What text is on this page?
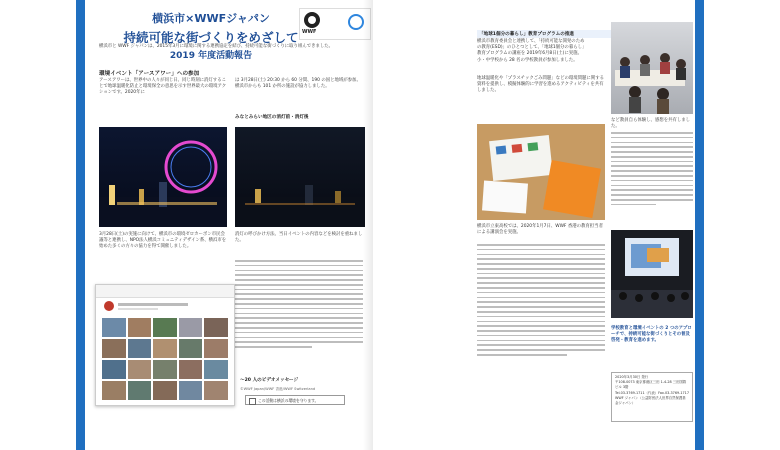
横浜市×WWFジャパン
持続可能な街づくりをめざして
2019 年度活動報告
WWF
横浜市と WWF ジャパンは、2015年3月に環境に関する連携協定を結び、持続可能な街づくりに取り組んできました。
環境イベント「アースアワー」への参加
アースアワーは、世界中の人々が同じ日、同じ時刻に消灯することで地球温暖化防止と環境保全の意思を示す世界最大の環境アクションです。2020年に
は 3月28日(土) 20:30 から 60 分間、190 の国と地域が参加。横浜市からも 101 か所の施設が協力しました。
みなとみらい地区の消灯前・消灯後
3月28日(土)の実施に向けて、横浜市の環境ゼロカーボン市民会議等と連携し、NPO法人横浜コミュニティデザイン系、横浜市を始めた多くの方々の協力を得て開催しました。
消灯の呼びかけ方法、当日イベントの内容などを検討を重ねました。
〜20 人のビデオメッセージ
©WWF Japan/WWF 香港/WWF Switzerland
この活動は横浜の環境を守ります。
「地球1個分の暮らし」教育プログラムの推進
横浜市教育委員会と連携して、「持続可能な開発のための教育(ESD)」のひとつとして、「地球1個分の暮らし」教育プログラムの講座を 2019年6月8日(土)に実施。小・中学校から 28 名の学校教員が参加しました。
地球温暖化や「プラスチックごみ問題」などの環境問題に関する資料を提供し、模擬体験的に学習を進めるアクティビティを共有しました。
など教員自ら体験し、感想を共有しました。
横浜市立東高校では、2020年1月7日、WWF 香港の教育担当者による講演会を実施。
学校教育と環境イベントの 2 つのアプローチで、持続可能な街づくりとその普及啓発・教育を進めます。
2020年3月30日 発行
〒108-0073 東京都港区三田 1-4-28 三田国際ビル 3階
Tel.03-3769-1711（代表）Fax.03-3769-1717
WWF ジャパン（公益財団法人世界自然保護基金ジャパン）
